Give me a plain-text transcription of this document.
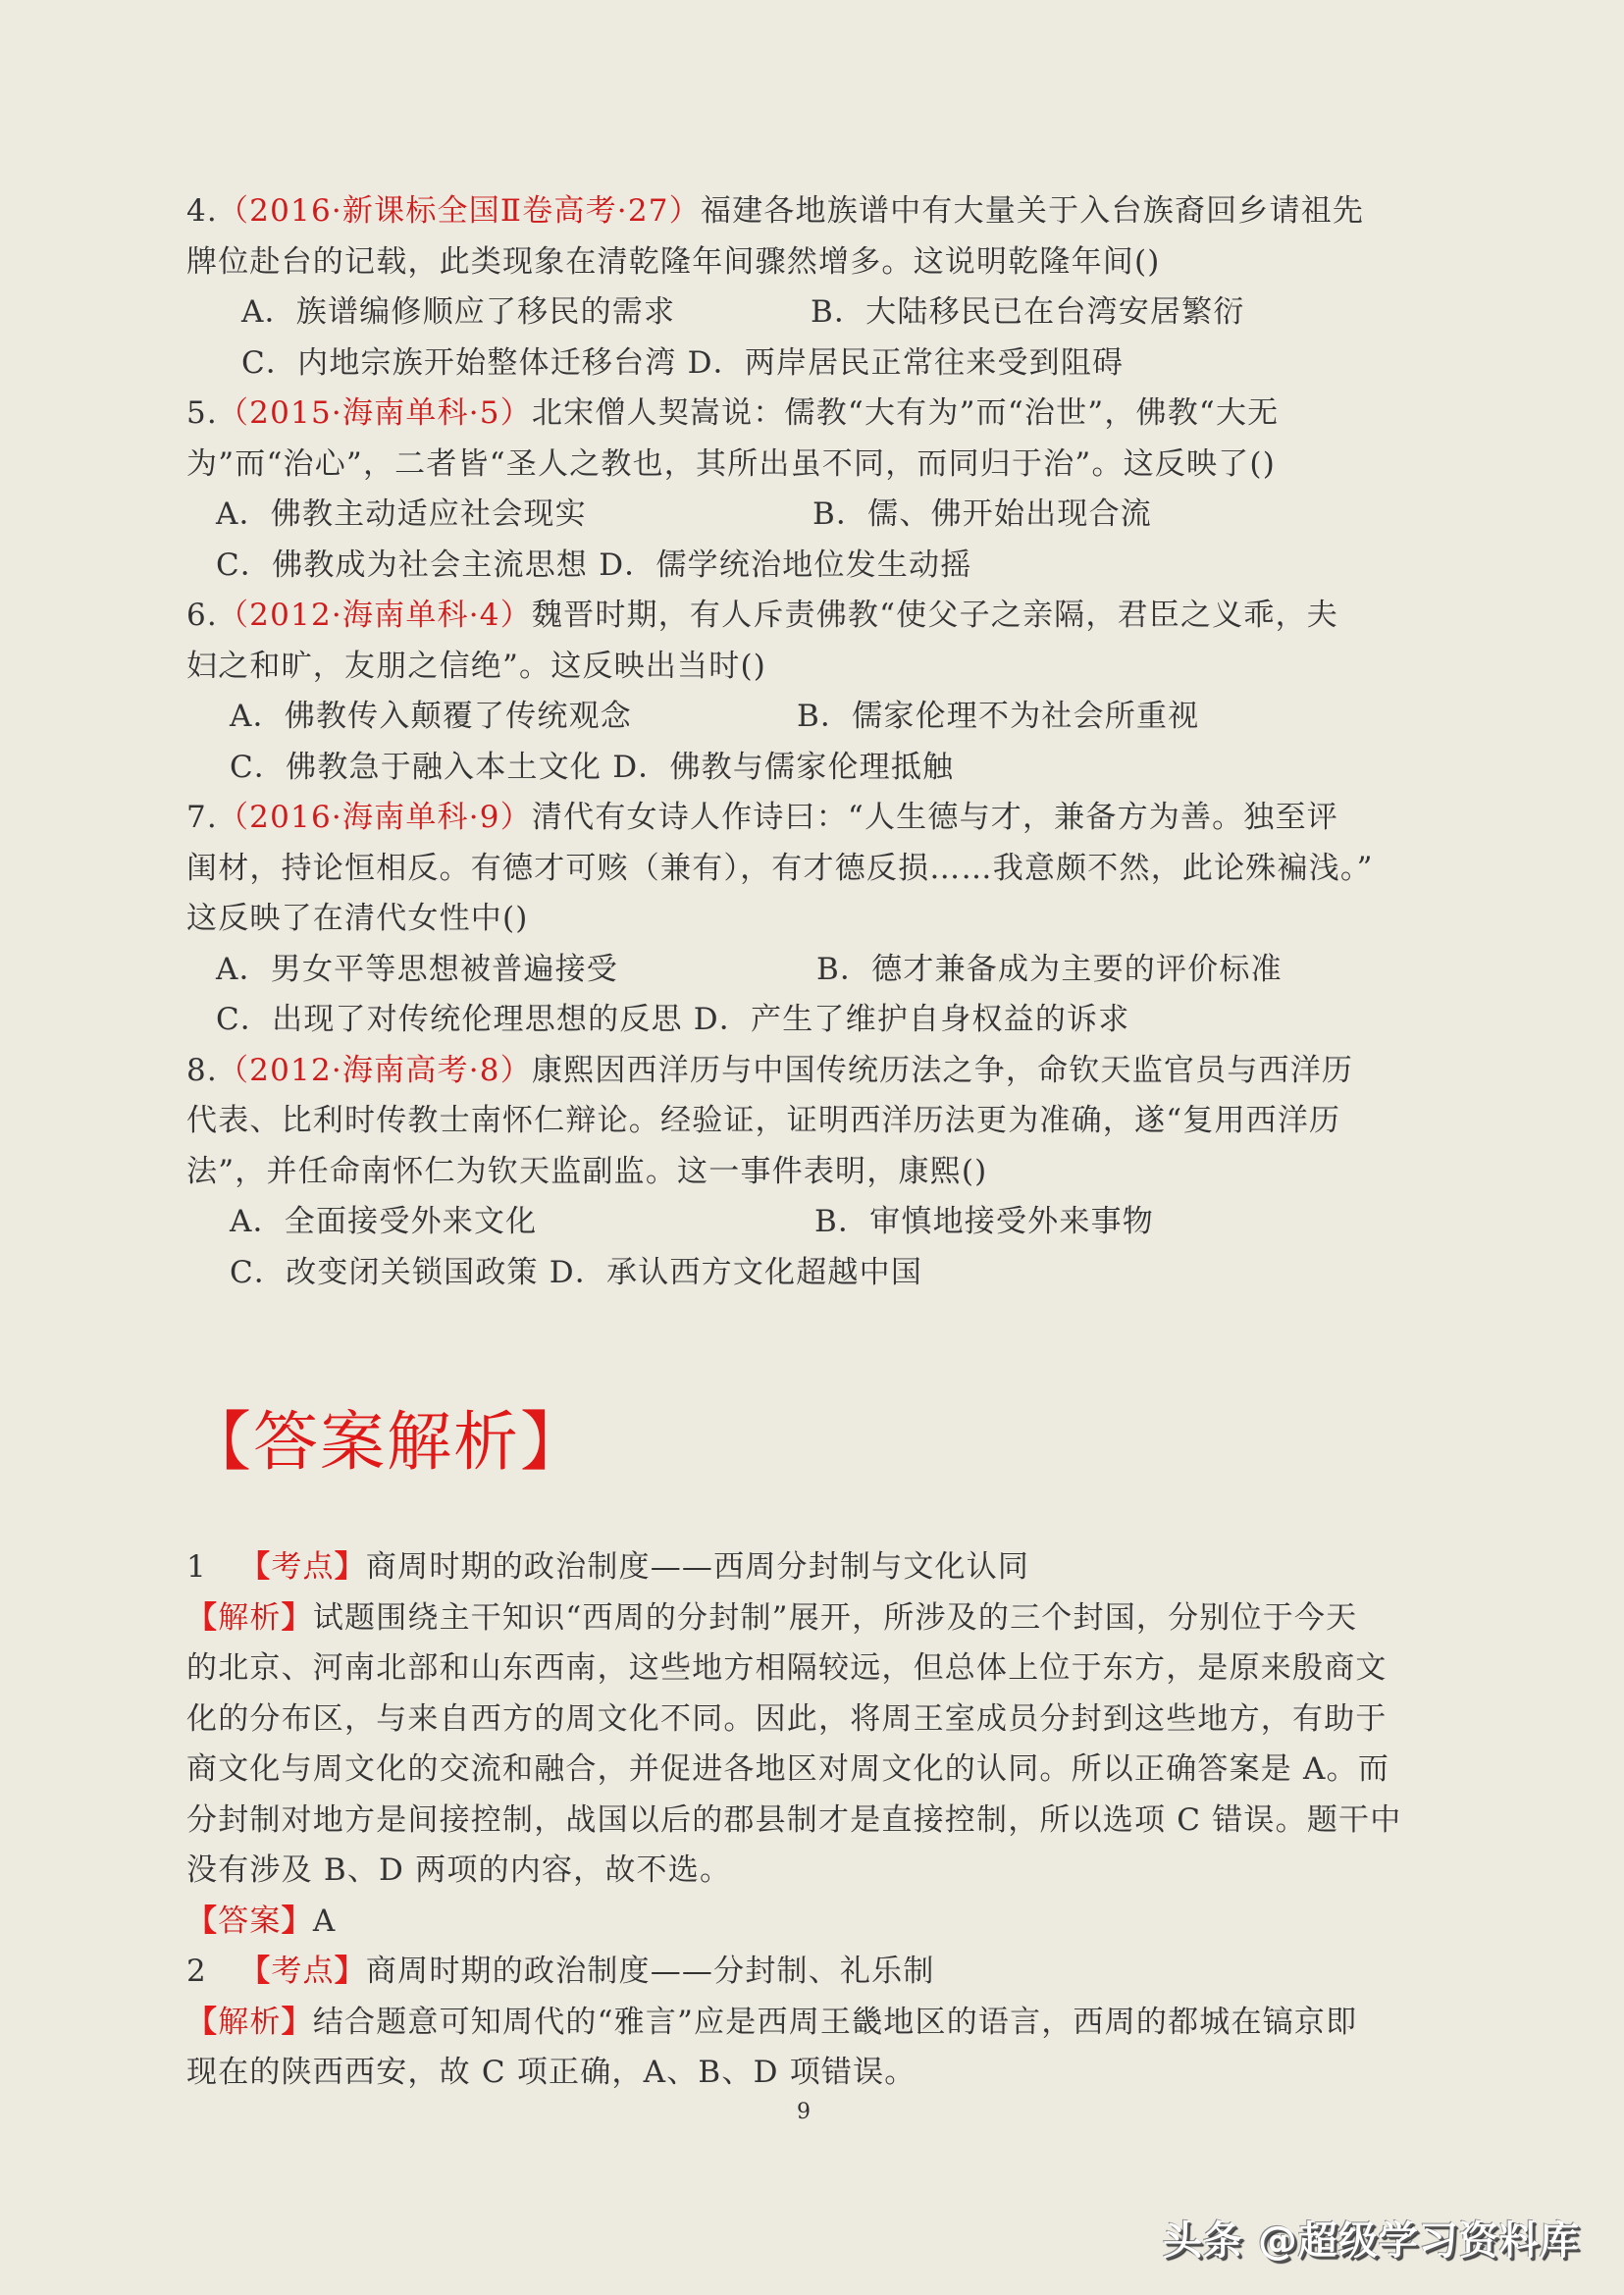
4.（2016·新课标全国Ⅱ卷高考·27）福建各地族谱中有大量关于入台族裔回乡请祖先
牌位赴台的记载，此类现象在清乾隆年间骤然增多。这说明乾隆年间()
A．族谱编修顺应了移民的需求	B．大陆移民已在台湾安居繁衍
C．内地宗族开始整体迁移台湾
D．两岸居民正常往来受到阻碍
5.（2015·海南单科·5）北宋僧人契嵩说：儒教“大有为”而“治世”，佛教“大无
为”而“治心”，二者皆“圣人之教也，其所出虽不同，而同归于治”。这反映了()
A．佛教主动适应社会现实	B．儒、佛开始出现合流
C．佛教成为社会主流思想
D．儒学统治地位发生动摇
6.（2012·海南单科·4）魏晋时期，有人斥责佛教“使父子之亲隔，君臣之义乖，夫
妇之和旷，友朋之信绝”。这反映出当时()
A．佛教传入颠覆了传统观念	B．儒家伦理不为社会所重视
C．佛教急于融入本土文化
D．佛教与儒家伦理抵触
7.（2016·海南单科·9）清代有女诗人作诗曰：“人生德与才，兼备方为善。独至评
闺材，持论恒相反。有德才可赅（兼有），有才德反损……我意颇不然，此论殊褊浅。”
这反映了在清代女性中()
A．男女平等思想被普遍接受	B．德才兼备成为主要的评价标准
C．出现了对传统伦理思想的反思
D．产生了维护自身权益的诉求
8.（2012·海南高考·8）康熙因西洋历与中国传统历法之争，命钦天监官员与西洋历
代表、比利时传教士南怀仁辩论。经验证，证明西洋历法更为准确，遂“复用西洋历
法”，并任命南怀仁为钦天监副监。这一事件表明，康熙()
A．全面接受外来文化	B．审慎地接受外来事物
C．改变闭关锁国政策
D．承认西方文化超越中国
【答案解析】
1 【考点】商周时期的政治制度——西周分封制与文化认同
【解析】试题围绕主干知识“西周的分封制”展开，所涉及的三个封国，分别位于今天
的北京、河南北部和山东西南，这些地方相隔较远，但总体上位于东方，是原来殷商文
化的分布区，与来自西方的周文化不同。因此，将周王室成员分封到这些地方，有助于
商文化与周文化的交流和融合，并促进各地区对周文化的认同。所以正确答案是 A。而
分封制对地方是间接控制，战国以后的郡县制才是直接控制，所以选项 C 错误。题干中
没有涉及 B、D 两项的内容，故不选。
【答案】A
2 【考点】商周时期的政治制度——分封制、礼乐制
【解析】结合题意可知周代的“雅言”应是西周王畿地区的语言，西周的都城在镐京即
现在的陕西西安，故 C 项正确，A、B、D 项错误。
9
头条 @超级学习资料库
